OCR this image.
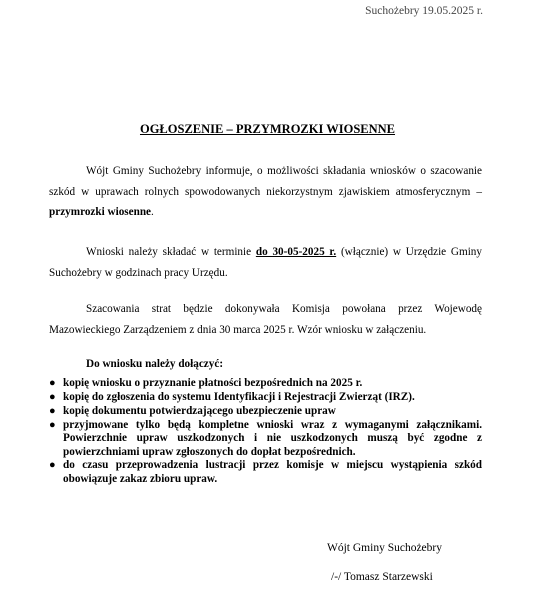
Suchożebry 19.05.2025 r.
OGŁOSZENIE – PRZYMROZKI WIOSENNE
Wójt Gminy Suchożebry informuje, o możliwości składania wniosków o szacowanie szkód w uprawach rolnych spowodowanych niekorzystnym zjawiskiem atmosferycznym – przymrozki wiosenne.
Wnioski należy składać w terminie do 30-05-2025 r. (włącznie) w Urzędzie Gminy Suchożebry w godzinach pracy Urzędu.
Szacowania strat będzie dokonywała Komisja powołana przez Wojewodę Mazowieckiego Zarządzeniem z dnia 30 marca 2025 r. Wzór wniosku w załączeniu.
Do wniosku należy dołączyć:
● kopię wniosku o przyznanie płatności bezpośrednich na 2025 r.
● kopię do zgłoszenia do systemu Identyfikacji i Rejestracji Zwierząt (IRZ).
● kopię dokumentu potwierdzającego ubezpieczenie upraw
● przyjmowane tylko będą kompletne wnioski wraz z wymaganymi załącznikami. Powierzchnie upraw uszkodzonych i nie uszkodzonych muszą być zgodne z powierzchniami upraw zgłoszonych do dopłat bezpośrednich.
● do czasu przeprowadzenia lustracji przez komisje w miejscu wystąpienia szkód obowiązuje zakaz zbioru upraw.
Wójt Gminy Suchożebry
/-/ Tomasz Starzewski
